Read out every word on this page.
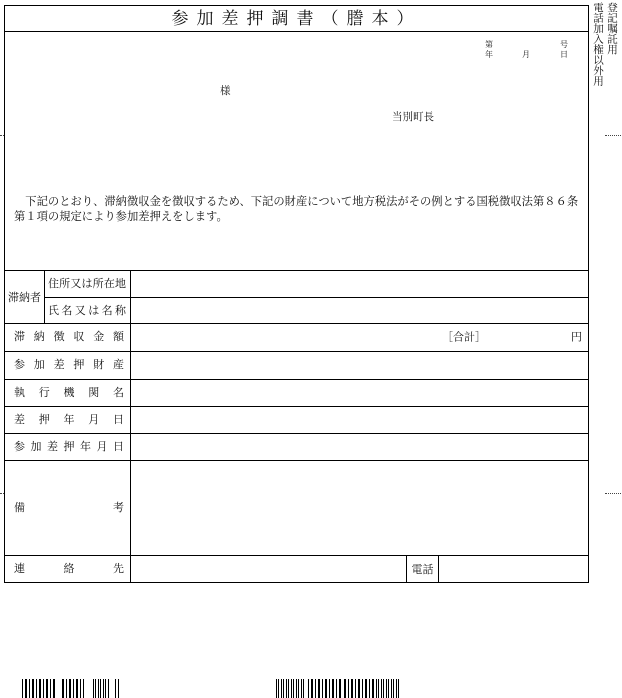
登記嘱託用
電話加入権以外用
参加差押調書（謄本）
第	号
年	月	日
様
当別町長
下記のとおり、滞納徴収金を徴収するため、下記の財産について地方税法がその例とする国税徴収法第８６条第１項の規定により参加差押えをします。
滞納者
住所又は所在地
氏名又は名称
滞納徴収金額	［合計］	円
参加差押財産
執行機関名
差押年月日
参加差押年月日
備考
連絡先	電話
